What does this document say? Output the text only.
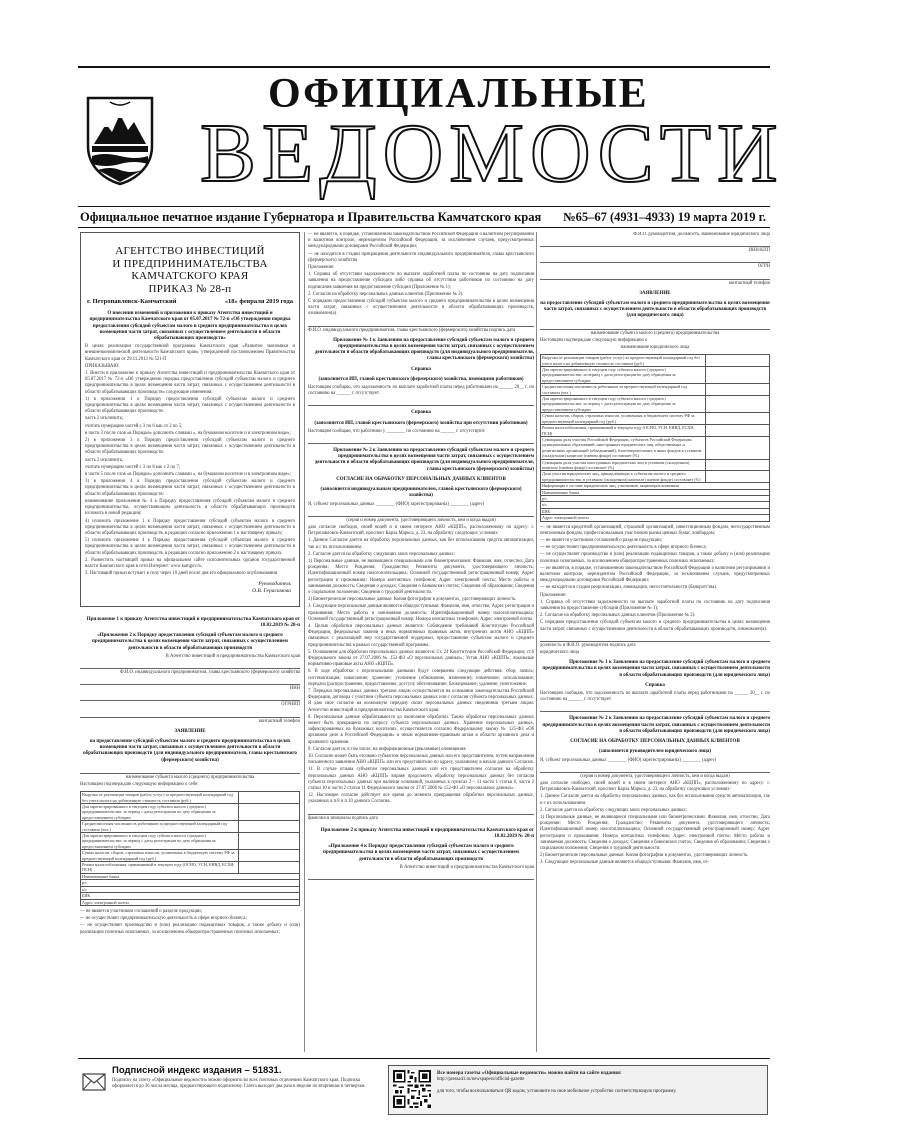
ОФИЦИАЛЬНЫЕ
ВЕДОМОСТИ
Официальное печатное издание Губернатора и Правительства Камчатского края №65–67 (4931–4933) 19 марта 2019 г.
АГЕНТСТВО ИНВЕСТИЦИЙ
И ПРЕДПРИНИМАТЕЛЬСТВА
КАМЧАТСКОГО КРАЯ
ПРИКАЗ № 28-п
г. Петропавловск-Камчатский	«18» февраля 2019 года

О внесении изменений в приложения к приказу Агентства инвестиций и предпринимательства Камчатского края от 05.07.2017 № 72-п «Об утверждении порядка предоставления субсидий субъектам малого и среднего предпринимательства в целях возмещения части затрат, связанных с осуществлением деятельности в области обрабатывающих производств»

В целях реализации государственной программы Камчатского края «Развитие экономики и внешнеэкономической деятельности Камчатского края», утвержденной постановлением Правительства Камчатского края от 29.11.2013 № 521-П

ПРИКАЗЫВАЮ:

1. Внести в приложение к приказу Агентства инвестиций и предпринимательства Камчатского края от 05.07.2017 № 72-п «Об утверждении порядка предоставления субсидий субъектам малого и среднего предпринимательства в целях возмещения части затрат, связанных с осуществлением деятельности в области обрабатывающих производств» следующие изменения:

1) в приложении 1 к Порядку предоставления субсидий субъектам малого и среднего предпринимательства в целях возмещения части затрат, связанных с осуществлением деятельности в области обрабатывающих производств:

часть 2 исключить;

считать нумерацию частей с 3 по 6 как со 2 по 5;

в части 3 после слов «в Порядке» дополнить словами «, на бумажном носителе и в электронном виде»;

2) в приложении 3 к Порядку предоставления субсидий субъектам малого и среднего предпринимательства в целях возмещения части затрат, связанных с осуществлением деятельности в области обрабатывающих производств:

часть 2 исключить;

считать нумерацию частей с 3 по 8 как с 2 по 7;

в части 5 после слов «в Порядке» дополнить словами «, на бумажном носителе и в электронном виде»;

3) в приложении 4 к Порядку предоставления субсидий субъектам малого и среднего предпринимательства в целях возмещения части затрат, связанных с осуществлением деятельности в области обрабатывающих производств:

наименование приложения № 4 к Порядку предоставления субсидий субъектам малого и среднего предпринимательства, осуществляющим деятельность в области обрабатывающих производств изложить в новой редакции;

4) изложить приложение 1 к Порядку предоставления субсидий субъектам малого и среднего предпринимательства в целях возмещения части затрат, связанных с осуществлением деятельности в области обрабатывающих производств, в редакции согласно приложению 1 к настоящему приказу;

5) изложить приложение 4 к Порядку предоставления субсидий субъектам малого и среднего предпринимательства в целях возмещения части затрат, связанных с осуществлением деятельности в области обрабатывающих производств, в редакции согласно приложению 2 к настоящему приказу.

2. Разместить настоящий приказ на официальном сайте исполнительных органов государственной власти Камчатского края в сети Интернет: www.kamgov.ru.

3. Настоящий приказ вступает в силу через 10 дней после дня его официального опубликования.

Руководитель
О.В. Герасимова

Приложение 1 к приказу Агентства инвестиций и предпринимательства Камчатского края от 18.02.2019 № 28-п

«Приложение 2 к Порядку предоставления субсидий субъектам малого и среднего предпринимательства в целях возмещения части затрат, связанных с осуществлением деятельности в области обрабатывающих производств

В Агентство инвестиций и предпринимательства Камчатского края

Ф.И.О. индивидуального предпринимателя, главы крестьянского (фермерского) хозяйства

ИНН

ОГРНИП

контактный телефон

ЗАЯВЛЕНИЕ

на предоставление субсидий субъектам малого и среднего предпринимательства в целях возмещения части затрат, связанных с осуществлением деятельности в области обрабатывающих производств (для индивидуального предпринимателя, главы крестьянского (фермерского) хозяйства)

наименование субъекта малого (среднего) предпринимательства

Настоящим подтверждаю следующую информацию о себе:

Выручка от реализации товаров (работ, услуг) за предшествующий календарный год без учета налога на добавленную стоимость составила (руб.)	
Для зарегистрированного в текущем году субъекта малого (среднего) предпринимательства: за период с даты регистрации по дату обращения за предоставлением субсидии	
Среднесписочная численность работников за предшествующий календарный год составила (чел.)	
Для зарегистрированного в текущем году субъекта малого (среднего) предпринимательства: за период с даты регистрации по дату обращения за предоставлением субсидии	
Сумма налогов, сборов, страховых взносов, уплаченных в бюджетную систему РФ за предшествующий календарный год (руб.)	
Режим налогообложения, применяемый в текущем году (ОСНО, УСН, ЕНВД, ЕСХН, ПСН)	
Наименование банка	
р/с	
к/с	
БИК	
Адрес электронной почты	

— не является участником соглашений о разделе продукции;

— не осуществляет предпринимательскую деятельность в сфере игорного бизнеса;

— не осуществляет производство и (или) реализацию подакцизных товаров, а также добычу и (или) реализацию полезных ископаемых, за исключением общераспространенных полезных ископаемых;

— не является, в порядке, установленном законодательством Российской Федерации о валютном регулировании и валютном контроле, нерезидентом Российской Федерации, за исключением случаев, предусмотренных международными договорами Российской Федерации;

— не находится в стадии прекращения деятельности индивидуального предпринимателя, главы крестьянского (фермерского) хозяйства

Приложение:

1. Справка об отсутствии задолженности по выплате заработной платы по состоянию на дату подписания заявления на предоставление субсидии либо справка об отсутствии работников по состоянию на дату подписания заявления на предоставление субсидии (Приложение № 1);

2. Согласие на обработку персональных данных клиентов (Приложение № 2).

С порядком предоставления субсидий субъектам малого и среднего предпринимательства в целях возмещения части затрат, связанных с осуществлением деятельности в области обрабатывающих производств, ознакомлен(а).

Ф.И.О. индивидуального предпринимателя, главы крестьянского (фермерского) хозяйства подпись дата

Приложение № 1 к Заявлению на предоставление субсидий субъектам малого и среднего предпринимательства в целях возмещения части затрат, связанных с осуществлением деятельности в области обрабатывающих производств (для индивидуального предпринимателя, главы крестьянского (фермерского) хозяйства)

Справка

(заполняется ИП, главой крестьянского (фермерского) хозяйства, имеющими работников)

Настоящим сообщаю, что задолженность по выплате заработной платы перед работниками на ______ 20__ г. по состоянию на ______ г. отсутствует.

Справка

(заполняется ИП, главой крестьянского (фермерского) хозяйства при отсутствии работников)

Настоящим сообщаю, что работники у ________ по состоянию на ______ г. отсутствуют.

Приложение № 2 к Заявлению на предоставление субсидий субъектам малого и среднего предпринимательства в целях возмещения части затрат, связанных с осуществлением деятельности в области обрабатывающих производств (для индивидуального предпринимателя, главы крестьянского (фермерского) хозяйства)

СОГЛАСИЕ НА ОБРАБОТКУ ПЕРСОНАЛЬНЫХ ДАННЫХ КЛИЕНТОВ

(заполняется индивидуальным предпринимателем, главой крестьянского (фермерского) хозяйства)

Я, субъект персональных данных ________ (ФИО) зарегистрирован(а) ________ (адрес)

(серия и номер документа, удостоверяющего личность, кем и когда выдан)

даю согласие свободно, своей волей и в своем интересе АНО «КЦПП», расположенному по адресу: г. Петропавловск-Камчатский, проспект Карла Маркса, д. 23, на обработку следующих условиях:

1. Данное Согласие дается на обработку персональных данных, как без использования средств автоматизации, так и с их использованием.

2. Согласие дается на обработку следующих моих персональных данных:

1) Персональные данные, не являющиеся специальными или биометрическими: Фамилия, имя, отчество; Дата рождения; Место Рождения; Гражданство; Реквизиты документа, удостоверяющего личность; Идентификационный номер налогоплательщика; Основной государственный регистрационный номер; Адрес регистрации и проживания; Номера контактных телефонов; Адрес электронной почты; Место работы и занимаемая должность; Сведения о доходах; Сведения о банковских счетах; Сведения об образовании; Сведения о социальном положении; Сведения о трудовой деятельности.

2) Биометрические персональные данные: Копия фотографии в документах, удостоверяющих личность.

3. Следующие персональные данные являются общедоступными: Фамилия, имя, отчество; Адрес регистрации и проживания; Место работы и занимаемая должность; Идентификационный номер налогоплательщика; Основной государственный регистрационный номер; Номера контактных телефонов; Адрес электронной почты.

4. Целью обработки персональных данных является: Соблюдение требований Конституции Российской Федерации, федеральных законов и иных нормативных правовых актов, внутренних актов АНО «КЦПП» связанных с реализацией мер государственной поддержки, предоставление субъектам малого и среднего предпринимательства в рамках государственной программы.

5. Основанием для обработки персональных данных являются: Ст. 24 Конституции Российской Федерации; ст.6 Федерального закона от 27.07.2006 № 152-ФЗ «О персональных данных»; Устав АНО «КЦПП»; локальные нормативно-правовые акты АНО «КЦПП».

6. В ходе обработки с персональными данными будут совершены следующие действия: сбор; запись; систематизация; накопление; хранение; уточнение (обновление, изменение); извлечение; использование; передача (распространение, предоставление, доступ); обезличивание; блокирование; удаление; уничтожение.

7. Передача персональных данных третьим лицам осуществляется на основании законодательства Российской Федерации, договора с участием субъекта персональных данных или с согласия субъекта персональных данных. Я даю свое согласие на возможную передачу своих персональных данных сведениями третьим лицам: Агентство инвестиций и предпринимательства Камчатского края.

8. Персональные данные обрабатываются до окончания обработки. Также обработка персональных данных может быть прекращена по запросу субъекта персональных данных. Хранение персональных данных, зафиксированных на бумажных носителях, осуществляется согласно Федеральному закону № 125-ФЗ «Об архивном деле в Российской Федерации» и иным нормативно-правовым актам в области архивного дела и архивного хранения.

9. Согласие дается, в том числе, на информационные (рекламные) оповещения.

10. Согласие может быть отозвано субъектом персональных данных или его представителем, путем направления письменного заявления АНО «КЦПП» или его представителю по адресу, указанному в начале данного Согласия.

11. В случае отзыва субъектом персональных данных или его представителем согласия на обработку персональных данных АНО «КЦПП» вправе продолжить обработку персональных данных без согласия субъекта персональных данных при наличии оснований, указанных в пунктах 2 – 11 части 1 статьи 6, части 2 статьи 10 и части 2 статьи 11 Федерального закона от 27.07.2006 № 152-ФЗ «О персональных данных».

12. Настоящее согласие действует все время до момента прекращения обработки персональных данных, указанных в п.8 и п.10 данного Согласия.

фамилия и инициалы подпись дата

Приложение 2 к приказу Агентства инвестиций и предпринимательства Камчатского края от 18.02.2019 № 28-п

«Приложение 4 к Порядку предоставления субсидий субъектам малого и среднего предпринимательства в целях возмещения части затрат, связанных с осуществлением деятельности в области обрабатывающих производств

В Агентство инвестиций и предпринимательства Камчатского края

Ф.И.О. руководителя, должность, наименование юридического лица

ИНН/КПП

ОГРН

контактный телефон

ЗАЯВЛЕНИЕ

на предоставление субсидий субъектам малого и среднего предпринимательства в целях возмещения части затрат, связанных с осуществлением деятельности в области обрабатывающих производств (для юридического лица)

наименование субъекта малого (среднего) предпринимательства

Настоящим подтверждаю следующую информацию о

наименование юридического лица

Выручка от реализации товаров (работ, услуг) за предшествующий календарный год без учета налога на добавленную стоимость составила (руб.)	
Для зарегистрированного в текущем году субъекта малого (среднего) предпринимательства: за период с даты регистрации по дату обращения за предоставлением субсидии	
Среднесписочная численность работников за предшествующий календарный год составила (чел.)	
Для зарегистрированного в текущем году субъекта малого (среднего) предпринимательства: за период с даты регистрации по дату обращения за предоставлением субсидии	
Сумма налогов, сборов, страховых взносов, уплаченных в бюджетную систему РФ за предшествующий календарный год (руб.)	
Режим налогообложения, применяемый в текущем году (ОСНО, УСН, ЕНВД, ЕСХН, ПСН)	
Суммарная доля участия Российской Федерации, субъектов Российской Федерации, муниципальных образований, иностранных юридических лиц, общественных и религиозных организаций (объединений), благотворительных и иных фондов в уставном (складочном) капитале (паевом фонде) составляет (%)	
Суммарная доля участия иностранных юридических лиц в уставном (складочном) капитале (паевом фонде) составляет (%)	
Доля участия юридических лиц, принадлежащих к субъектам малого и среднего предпринимательства, в уставном (складочном) капитале (паевом фонде) составляет (%)	
Информация о составе юридических лиц, участников, акционеров компании	
Наименование банка	
р/с	
к/с	
БИК	
Адрес электронной почты	

— не является кредитной организацией, страховой организацией, инвестиционным фондом, негосударственным пенсионным фондом, профессиональным участником рынка ценных бумаг, ломбардом;

— не является участником соглашений о разделе продукции;

— не осуществляет предпринимательскую деятельность в сфере игорного бизнеса;

— не осуществляет производство и (или) реализацию подакцизных товаров, а также добычу и (или) реализацию полезных ископаемых, за исключением общераспространенных полезных ископаемых;

— не является, в порядке, установленном законодательством Российской Федерации о валютном регулировании и валютном контроле, нерезидентом Российской Федерации, за исключением случаев, предусмотренных международными договорами Российской Федерации;

— не находится в стадии реорганизации, ликвидации, несостоятельности (банкротства).

Приложение:

1. Справка об отсутствии задолженности по выплате заработной платы по состоянию на дату подписания заявления на предоставление субсидии (Приложение № 1);

2. Согласие на обработку персональных данных клиентов (Приложение № 2).

С порядком предоставления субсидий субъектам малого и среднего предпринимательства в целях возмещения части затрат, связанных с осуществлением деятельности в области обрабатывающих производств, ознакомлен(а).

должность и Ф.И.О. руководителя подпись дата

юридического лица

Приложение № 1 к Заявлению на предоставление субсидий субъектам малого и среднего предпринимательства в целях возмещения части затрат, связанных с осуществлением деятельности в области обрабатывающих производств (для юридического лица)

Справка

Настоящим сообщаю, что задолженность по выплате заработной платы перед работниками на ______ 20__ г. по состоянию на ______ г. отсутствует.

Приложение № 2 к Заявлению на предоставление субсидий субъектам малого и среднего предпринимательства в целях возмещения части затрат, связанных с осуществлением деятельности в области обрабатывающих производств (для юридического лица)

СОГЛАСИЕ НА ОБРАБОТКУ ПЕРСОНАЛЬНЫХ ДАННЫХ КЛИЕНТОВ

(заполняется руководителем юридического лица)

Я, субъект персональных данных ________ (ФИО) зарегистрирован(а) ________ (адрес)

(серия и номер документа, удостоверяющего личность, кем и когда выдан)

даю согласие свободно, своей волей и в своем интересе АНО «КЦПП», расположенному по адресу: г. Петропавловск-Камчатский, проспект Карла Маркса, д. 23, на обработку следующих условиях:

1. Данное Согласие дается на обработку персональных данных, как без использования средств автоматизации, так и с их использованием.

2. Согласие дается на обработку следующих моих персональных данных:

1) Персональные данные, не являющиеся специальными или биометрическими: Фамилия, имя, отчество; Дата рождения; Место Рождения; Гражданство; Реквизиты документа, удостоверяющего личность; Идентификационный номер налогоплательщика; Основной государственный регистрационный номер; Адрес регистрации и проживания; Номера контактных телефонов; Адрес электронной почты; Место работы и занимаемая должность; Сведения о доходах; Сведения о банковских счетах; Сведения об образовании; Сведения о социальном положении; Сведения о трудовой деятельности.

2) Биометрические персональные данные: Копия фотографии в документах, удостоверяющих личность.

3. Следующие персональные данные являются общедоступными: Фамилия, имя, от-

Подписной индекс издания – 51831.
Подписку на газету «Официальные ведомости» можно оформить во всех почтовых отделениях Камчатского края. Подписка оформляется до 26 числа месяца, предшествующего подписному. Газета выходит два раза в неделю по вторникам и четвергам.
Все номера газеты «Официальные ведомости» можно найти на сайте издания:
http://pressa41.ru/newspapers/official-gazette

для того, чтобы воспользоваться QR кодом, установите на свое мобильное устройство соответствующую программу.
